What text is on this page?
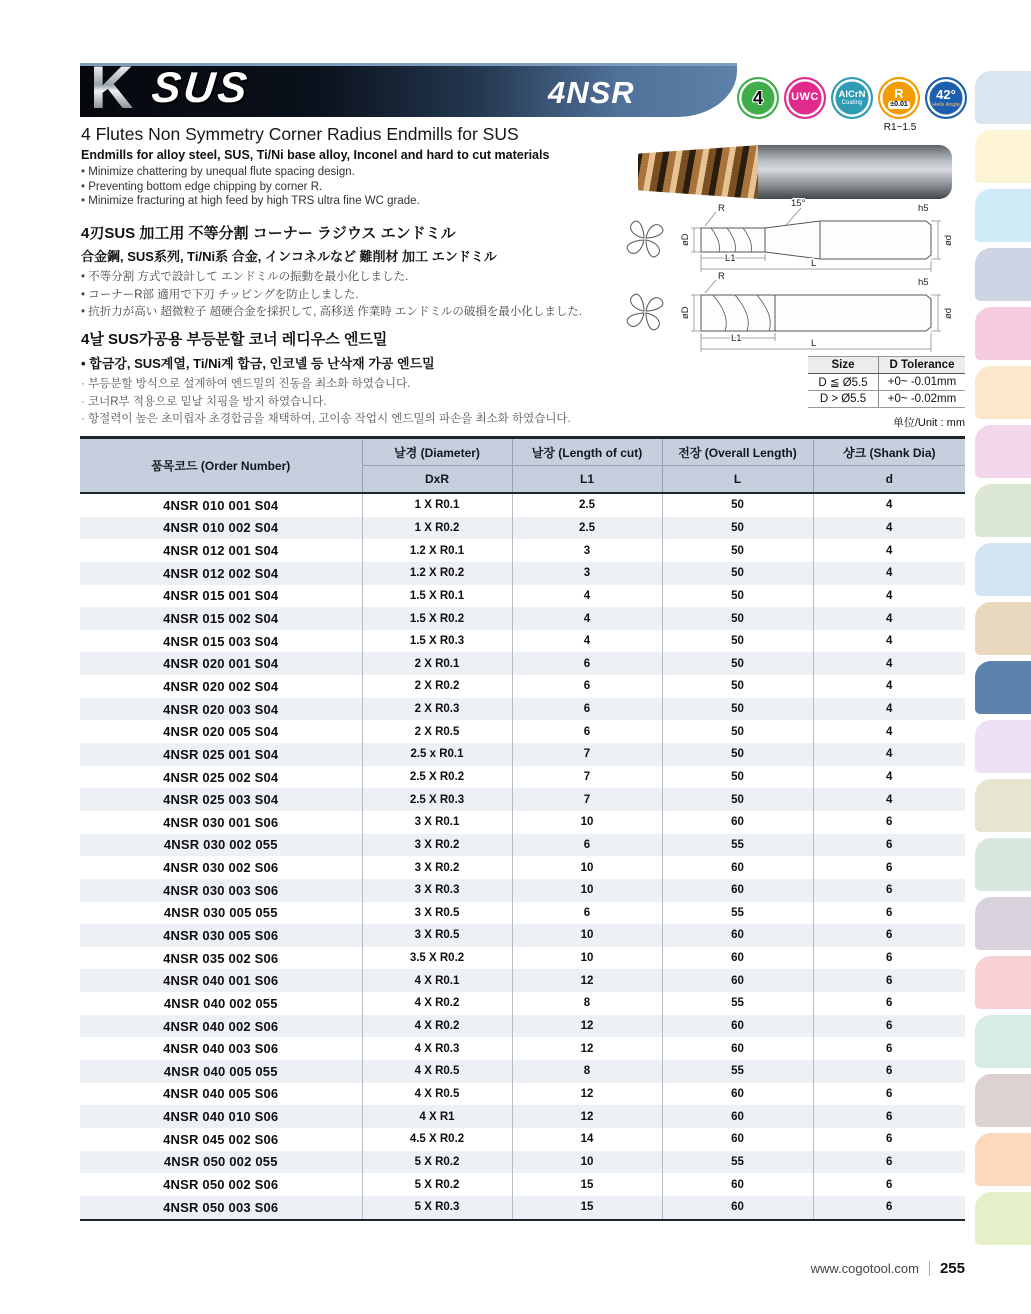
K SUS	4NSR	4	UWC AlCrN
Coating
R
±0.01
R1~1.5
42°
Helix Angle
4 Flutes Non Symmetry Corner Radius Endmills for SUS
Endmills for alloy steel, SUS, Ti/Ni base alloy, Inconel and hard to cut materials
• Minimize chattering by unequal flute spacing design.
• Preventing bottom edge chipping by corner R.
• Minimize fracturing at high feed by high TRS ultra fine WC grade.
4刃SUS 加工用 不等分割 コーナー ラジウス エンドミル
合金鋼, SUS系列, Ti/Ni系 合金, インコネルなど 難削材 加工 エンドミル
• 不等分割 方式で設計して エンドミルの振動を最小化しました.
• コーナーR部 適用で下刃 チッピングを防止しました.
• 抗折力が高い 超微粒子 超硬合金を採択して, 高移送 作業時 エンドミルの破損を最小化しました.
R	15°	h5
øD	ød
L1	L
R
h5
øD	ød
L1	L
4날 SUS가공용 부등분할 코너 레디우스 엔드밀
• 합금강, SUS계열, Ti/Ni계 합금, 인코넬 등 난삭재 가공 엔드밀
· 부등분할 방식으로 설계하여 엔드밀의 진동을 최소화 하였습니다.
· 코너R부 적용으로 밑날 치핑을 방지 하였습니다.
· 항절력이 높은 초미립자 초경합금을 채택하여, 고이송 작업시 엔드밀의 파손을 최소화 하였습니다.
Size	D Tolerance
D ≦ Ø5.5	+0~ -0.01mm
D > Ø5.5	+0~ -0.02mm
单位/Unit : mm
품목코드 (Order Number)	날경 (Diameter)	날장 (Length of cut)	전장 (Overall Length)	샹크 (Shank Dia)
	DxR	L1	L	d
4NSR 010 001 S04	1 X R0.1	2.5	50	4
4NSR 010 002 S04	1 X R0.2	2.5	50	4
4NSR 012 001 S04	1.2 X R0.1	3	50	4
4NSR 012 002 S04	1.2 X R0.2	3	50	4
4NSR 015 001 S04	1.5 X R0.1	4	50	4
4NSR 015 002 S04	1.5 X R0.2	4	50	4
4NSR 015 003 S04	1.5 X R0.3	4	50	4
4NSR 020 001 S04	2 X R0.1	6	50	4
4NSR 020 002 S04	2 X R0.2	6	50	4
4NSR 020 003 S04	2 X R0.3	6	50	4
4NSR 020 005 S04	2 X R0.5	6	50	4
4NSR 025 001 S04	2.5 x R0.1	7	50	4
4NSR 025 002 S04	2.5 X R0.2	7	50	4
4NSR 025 003 S04	2.5 X R0.3	7	50	4
4NSR 030 001 S06	3 X R0.1	10	60	6
4NSR 030 002 055	3 X R0.2	6	55	6
4NSR 030 002 S06	3 X R0.2	10	60	6
4NSR 030 003 S06	3 X R0.3	10	60	6
4NSR 030 005 055	3 X R0.5	6	55	6
4NSR 030 005 S06	3 X R0.5	10	60	6
4NSR 035 002 S06	3.5 X R0.2	10	60	6
4NSR 040 001 S06	4 X R0.1	12	60	6
4NSR 040 002 055	4 X R0.2	8	55	6
4NSR 040 002 S06	4 X R0.2	12	60	6
4NSR 040 003 S06	4 X R0.3	12	60	6
4NSR 040 005 055	4 X R0.5	8	55	6
4NSR 040 005 S06	4 X R0.5	12	60	6
4NSR 040 010 S06	4 X R1	12	60	6
4NSR 045 002 S06	4.5 X R0.2	14	60	6
4NSR 050 002 055	5 X R0.2	10	55	6
4NSR 050 002 S06	5 X R0.2	15	60	6
4NSR 050 003 S06	5 X R0.3	15	60	6
www.cogotool.com 255
